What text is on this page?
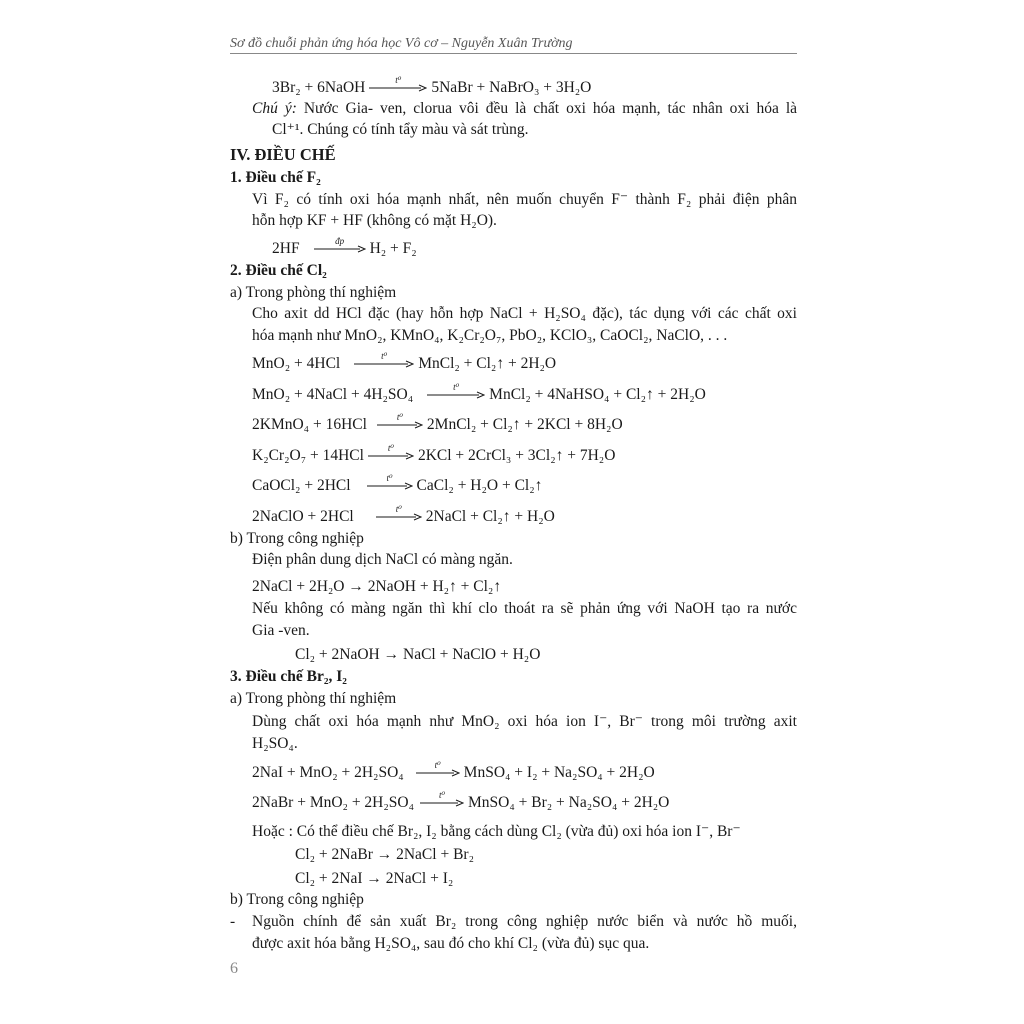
Sơ đồ chuỗi phản ứng hóa học Vô cơ – Nguyễn Xuân Trường
3Br₂ + 6NaOH	t⁰	5NaBr + NaBrO₃ + 3H₂O
Chú ý: Nước Gia- ven, clorua vôi đều là chất oxi hóa mạnh, tác nhân oxi hóa là
Cl⁺¹. Chúng có tính tẩy màu và sát trùng.
IV. ĐIỀU CHẾ
1. Điều chế F₂
Vì F₂ có tính oxi hóa mạnh nhất, nên muốn chuyển F⁻ thành F₂ phải điện phân
hỗn hợp KF + HF (không có mặt H₂O).
2HF	đp	H₂ + F₂
2. Điều chế Cl₂
a) Trong phòng thí nghiệm
Cho axit dd HCl đặc (hay hỗn hợp NaCl + H₂SO₄ đặc), tác dụng với các chất oxi
hóa mạnh như MnO₂, KMnO₄, K₂Cr₂O₇, PbO₂, KClO₃, CaOCl₂, NaClO, . . .
MnO₂ + 4HCl	t⁰	MnCl₂ + Cl₂↑ + 2H₂O
MnO₂ + 4NaCl + 4H₂SO₄	t⁰	MnCl₂ + 4NaHSO₄ + Cl₂↑ + 2H₂O
2KMnO₄ + 16HCl	t⁰	2MnCl₂ + Cl₂↑ + 2KCl + 8H₂O
K₂Cr₂O₇ + 14HCl	t⁰	2KCl + 2CrCl₃ + 3Cl₂↑ + 7H₂O
CaOCl₂ + 2HCl	t⁰	CaCl₂ + H₂O + Cl₂↑
2NaClO + 2HCl	t⁰	2NaCl + Cl₂↑ + H₂O
b) Trong công nghiệp
Điện phân dung dịch NaCl có màng ngăn.
2NaCl + 2H₂O → 2NaOH + H₂↑ + Cl₂↑
Nếu không có màng ngăn thì khí clo thoát ra sẽ phản ứng với NaOH tạo ra nước
Gia -ven.
Cl₂ + 2NaOH → NaCl + NaClO + H₂O
3. Điều chế Br₂, I₂
a) Trong phòng thí nghiệm
Dùng chất oxi hóa mạnh như MnO₂ oxi hóa ion I⁻, Br⁻ trong môi trường axit
H₂SO₄.
2NaI + MnO₂ + 2H₂SO₄	t⁰	MnSO₄ + I₂ + Na₂SO₄ + 2H₂O
2NaBr + MnO₂ + 2H₂SO₄	t⁰	MnSO₄ + Br₂ + Na₂SO₄ + 2H₂O
Hoặc : Có thể điều chế Br₂, I₂ bằng cách dùng Cl₂ (vừa đủ) oxi hóa ion I⁻, Br⁻
Cl₂ + 2NaBr → 2NaCl + Br₂
Cl₂ + 2NaI → 2NaCl + I₂
b) Trong công nghiệp
- Nguồn chính để sản xuất Br₂ trong công nghiệp nước biển và nước hồ muối,
được axit hóa bằng H₂SO₄, sau đó cho khí Cl₂ (vừa đủ) sục qua.
6
